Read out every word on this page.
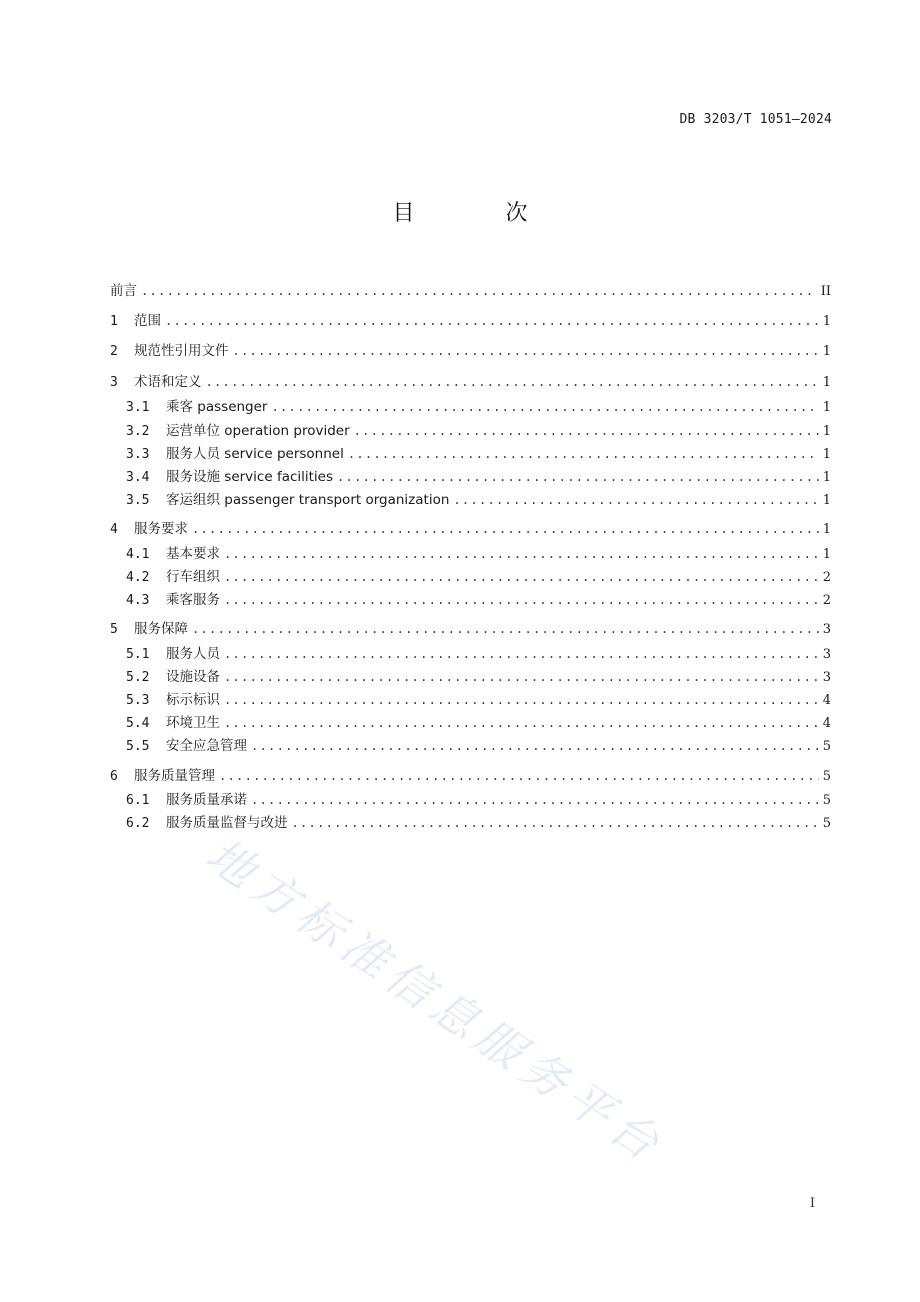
DB 3203/T 1051—2024
目 次
前言 .....	II
1	范围 .....	1
2	规范性引用文件 .....	1
3	术语和定义 .....	1
3.1	乘客 passenger .....	1
3.2	运营单位 operation provider .....	1
3.3	服务人员 service personnel .....	1
3.4	服务设施 service facilities .....	1
3.5	客运组织 passenger transport organization .....	1
4	服务要求 .....	1
4.1	基本要求 .....	1
4.2	行车组织 .....	2
4.3	乘客服务 .....	2
5	服务保障 .....	3
5.1	服务人员 .....	3
5.2	设施设备 .....	3
5.3	标示标识 .....	4
5.4	环境卫生 .....	4
5.5	安全应急管理 .....	5
6	服务质量管理 .....	5
6.1	服务质量承诺 .....	5
6.2	服务质量监督与改进 .....	5
地方标准信息服务平台
I
